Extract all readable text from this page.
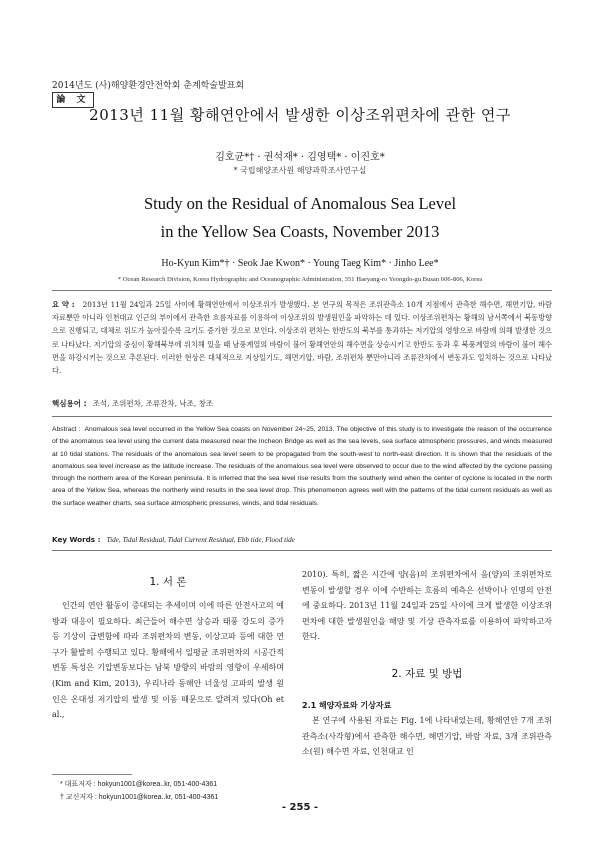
2014년도 (사)해양환경안전학회 춘계학술발표회
論 文
2013년 11월 황해연안에서 발생한 이상조위편차에 관한 연구
김호균*† · 권석재* · 김영택* · 이진호*
* 국립해양조사원 해양과학조사연구실
Study on the Residual of Anomalous Sea Level
in the Yellow Sea Coasts, November 2013
Ho-Kyun Kim*† · Seok Jae Kwon* · Young Taeg Kim* · Jinho Lee*
* Ocean Research Division, Korea Hydrographic and Oceanographic Administration, 351 Haeyang-ro Yeongdo-gu Busan 606-806, Korea
요 약 : 2013년 11월 24일과 25일 사이에 황해연안에서 이상조위가 발생했다. 본 연구의 목적은 조위관측소 10개 지점에서 관측한 해수면, 해면기압, 바람 자료뿐만 아니라 인천대교 인근의 부이에서 관측한 흐름자료를 이용하여 이상조위의 발생원인을 파악하는 데 있다. 이상조위편차는 황해의 남서쪽에서 북동방향으로 진행되고, 대체로 위도가 높아질수록 크기도 증가한 것으로 보인다. 이상조위 편차는 한반도의 북부를 통과하는 저기압의 영향으로 바람에 의해 발생한 것으로 나타났다. 저기압의 중심이 황해북부에 위치해 있을 때 남풍계열의 바람이 불어 황해연안의 해수면을 상승시키고 한반도 동과 후 북풍계열의 바람이 불어 해수면을 하강시키는 것으로 추론된다. 이러한 현상은 대체적으로 지상일기도, 해면기압, 바람, 조위편차 뿐만아니라 조류잔차에서 변동과도 일치하는 것으로 나타났다.
핵심용어 : 조석, 조위편차, 조류잔차, 낙조, 창조
Abstract : Anomalous sea level occurred in the Yellow Sea coasts on November 24~25, 2013. The objective of this study is to investigate the reason of the occurrence of the anomalous sea level using the current data measured near the Incheon Bridge as well as the sea levels, sea surface atmospheric pressures, and winds measured at 10 tidal stations. The residuals of the anomalous sea level seem to be propagated from the south-west to north-east direction. It is shown that the residuals of the anomalous sea level increase as the latitude increase. The residuals of the anomalous sea level were observed to occur due to the wind affected by the cyclone passing through the northern area of the Korean peninsula. It is inferred that the sea level rise results from the southerly wind when the center of cyclone is located in the north area of the Yellow Sea, whereas the northerly wind results in the sea level drop. This phenomenon agrees well with the patterns of the tidal current residuals as well as the surface weather charts, sea surface atmospheric pressures, winds, and tidal residuals.
Key Words : Tide, Tidal Residual, Tidal Current Residual, Ebb tide, Flood tide
1. 서 론

인간의 연안 활동이 증대되는 추세이며 이에 따른 안전사고의 예방과 대응이 필요하다. 최근들어 해수면 상승과 태풍 강도의 증가 등 기상이 급변함에 따라 조위편차의 변동, 이상고파 등에 대한 연구가 활발히 수행되고 있다. 황해에서 일평균 조위편차의 시공간적 변동 특성은 기압변동보다는 남북 방향의 바람의 영향이 우세하며(Kim and Kim, 2013), 우리나라 동해안 너울성 고파의 발생 원인은 온대성 저기압의 발생 및 이동 때문으로 알려져 있다(Oh et al.,

2010). 특히, 짧은 시간에 양(음)의 조위편차에서 음(양)의 조위편차로 변동이 발생할 경우 이에 수반하는 흐름의 예측은 선박이나 인명의 안전에 중요하다. 2013년 11월 24일과 25일 사이에 크게 발생한 이상조위편차에 대한 발생원인을 해양 및 기상 관측자료를 이용하여 파악하고자 한다.

2. 자료 및 방법
2.1 해양자료와 기상자료

본 연구에 사용된 자료는 Fig. 1에 나타내었는데, 황해연안 7개 조위관측소(사각형)에서 관측한 해수면, 해면기압, 바람 자료, 3개 조위관측소(원) 해수면 자료, 인천대교 인

* 대표저자 : hokyun1001@korea..kr, 051-400-4361
† 교신저자 : hokyun1001@korea..kr, 051-400-4361
- 255 -
